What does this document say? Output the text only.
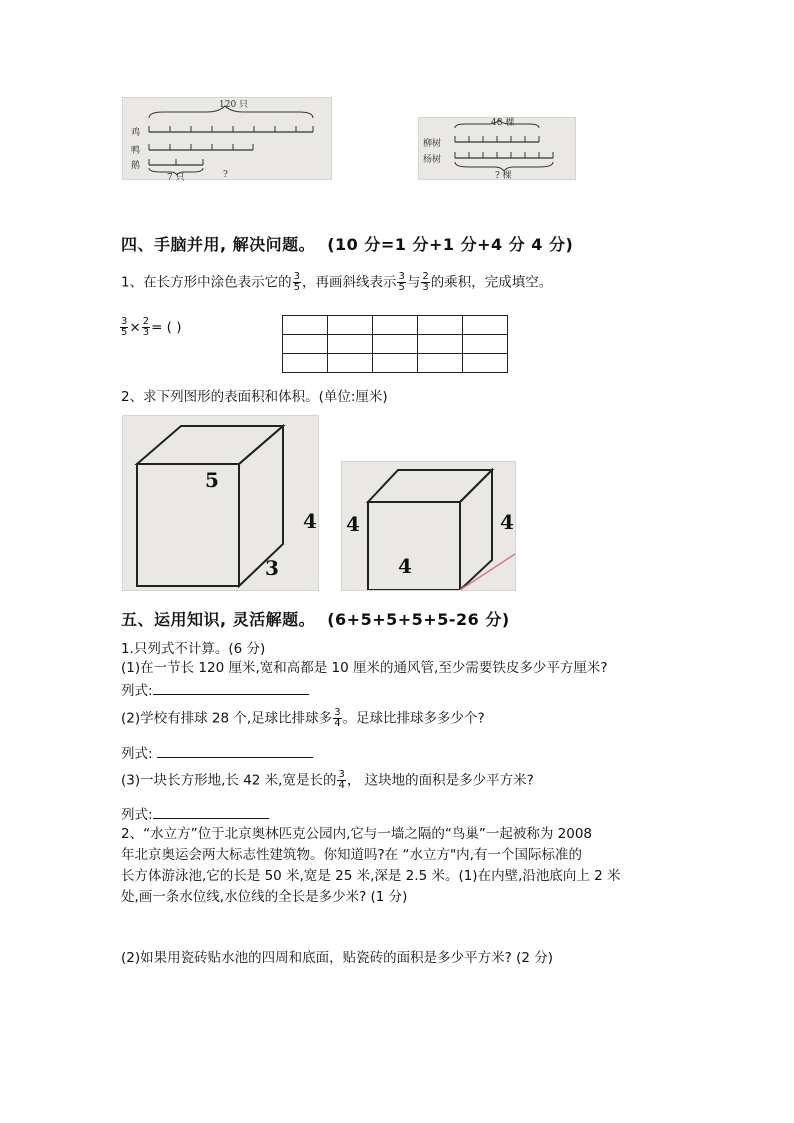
120 只
鸡
鸭
鹅
7 只	?
48 棵
柳树
杨树
? 棵
四、手脑并用, 解决问题。 (10 分=1 分+1 分+4 分 4 分)
1、在长方形中涂色表示它的 $\frac{3}{5}$ ，再画斜线表示 $\frac{3}{5}$ 与 $\frac{2}{3}$ 的乘积，完成填空。
$\frac{3}{5} \times \frac{2}{3}$ = ( )

2、求下列图形的表面积和体积。(单位:厘米)
5
3
4 4
4
4
五、运用知识, 灵活解题。 (6+5+5+5+5-26 分)
1.只列式不计算。(6 分)
(1)在一节长 120 厘米,宽和高都是 10 厘米的通风管,至少需要铁皮多少平方厘米?
列式:
(2)学校有排球 28 个,足球比排球多 $\frac{3}{4}$ 。足球比排球多多少个?
列式:
(3)一块长方形地,长 42 米,宽是长的 $\frac{3}{4}$ ， 这块地的面积是多少平方米?
列式:
2、“水立方”位于北京奥林匹克公园内,它与一墙之隔的“鸟巢”一起被称为 2008
年北京奥运会两大标志性建筑物。你知道吗?在 “水立方"内,有一个国际标准的
长方体游泳池,它的长是 50 米,宽是 25 米,深是 2.5 米。(1)在内壁,沿池底向上 2 米
处,画一条水位线,水位线的全长是多少米? (1 分)
(2)如果用瓷砖贴水池的四周和底面，贴瓷砖的面积是多少平方米? (2 分)
